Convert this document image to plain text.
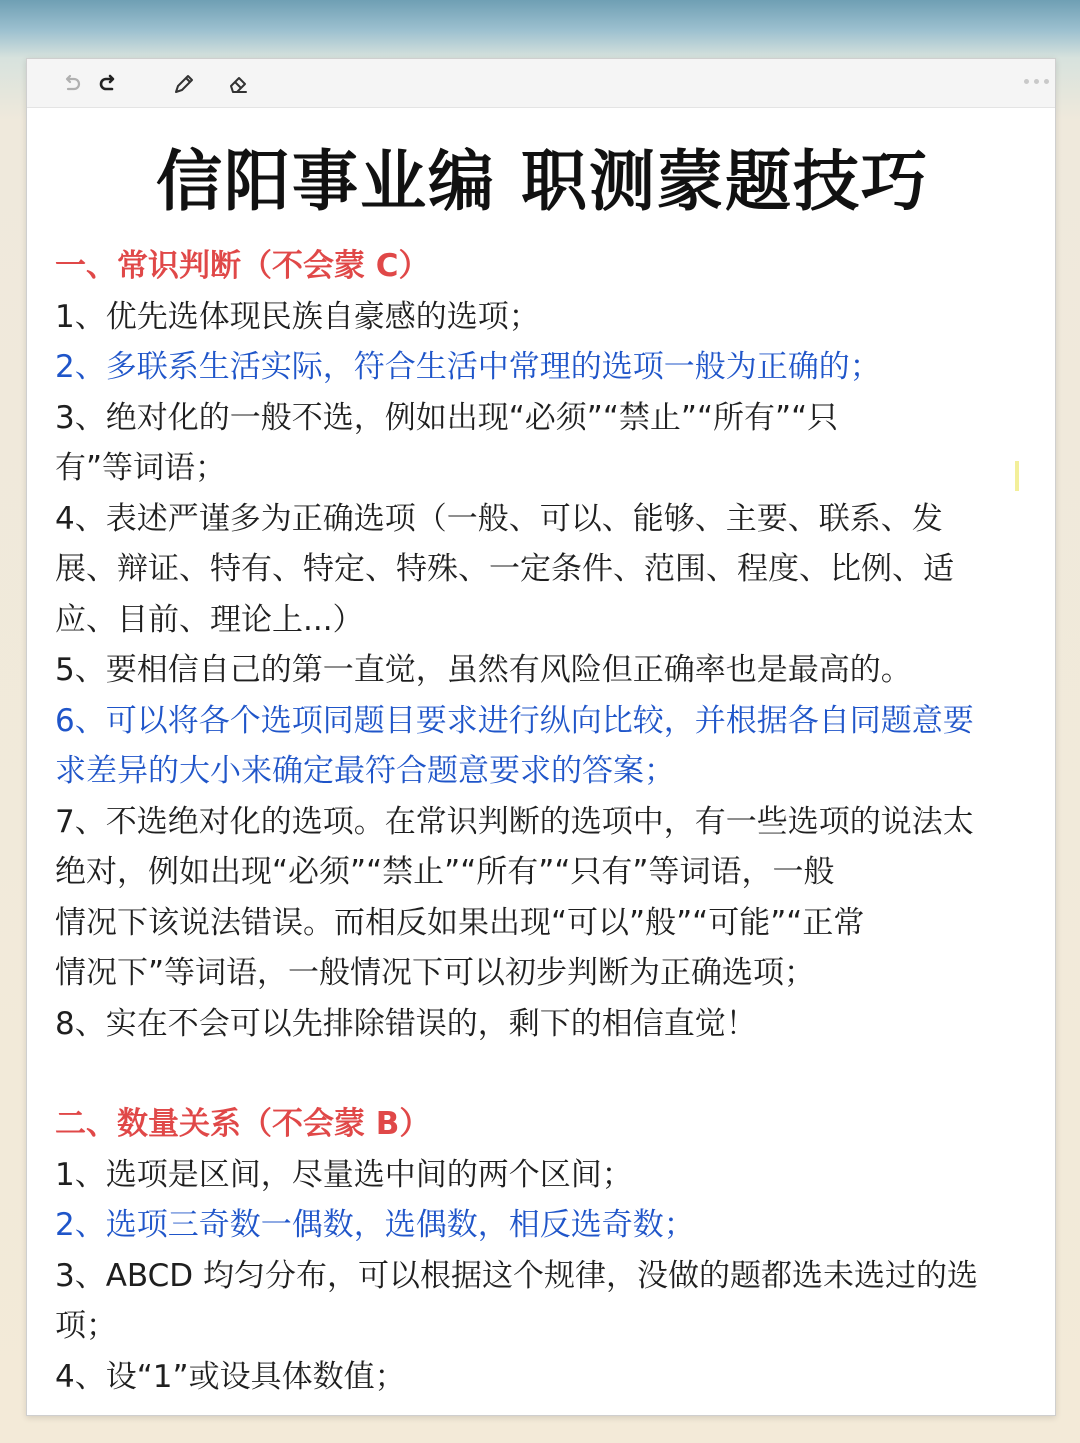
信阳事业编 职测蒙题技巧
一、常识判断（不会蒙 C）
1、优先选体现民族自豪感的选项；
2、多联系生活实际，符合生活中常理的选项一般为正确的；
3、绝对化的一般不选，例如出现“必须”“禁止”“所有”“只
有”等词语；
4、表述严谨多为正确选项（一般、可以、能够、主要、联系、发
展、辩证、特有、特定、特殊、一定条件、范围、程度、比例、适
应、目前、理论上...）
5、要相信自己的第一直觉，虽然有风险但正确率也是最高的。
6、可以将各个选项同题目要求进行纵向比较，并根据各自同题意要
求差异的大小来确定最符合题意要求的答案；
7、不选绝对化的选项。在常识判断的选项中，有一些选项的说法太
绝对，例如出现“必须”“禁止”“所有”“只有”等词语，一般
情况下该说法错误。而相反如果出现“可以”般”“可能”“正常
情况下”等词语，一般情况下可以初步判断为正确选项；
8、实在不会可以先排除错误的，剩下的相信直觉！
二、数量关系（不会蒙 B）
1、选项是区间，尽量选中间的两个区间；
2、选项三奇数一偶数，选偶数，相反选奇数；
3、ABCD 均匀分布，可以根据这个规律，没做的题都选未选过的选
项；
4、设“1”或设具体数值；
